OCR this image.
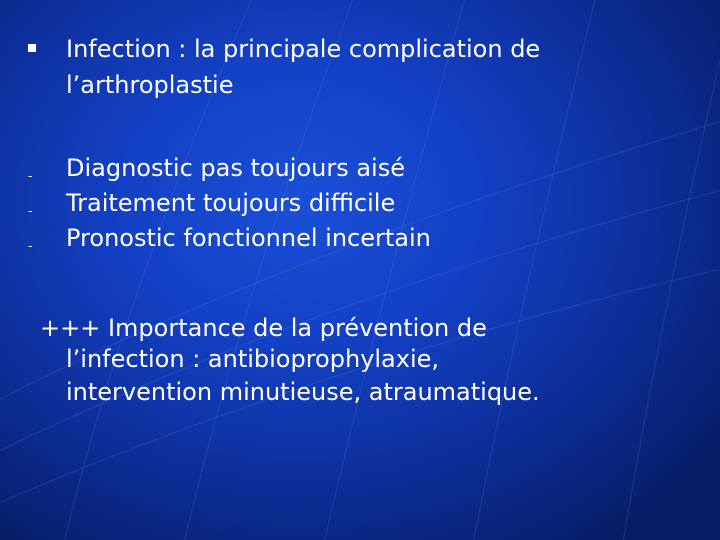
Infection : la principale complication de
l’arthroplastie
- Diagnostic pas toujours aisé
- Traitement toujours difficile
- Pronostic fonctionnel incertain
+++ Importance de la prévention de
l’infection : antibioprophylaxie,
intervention minutieuse, atraumatique.
